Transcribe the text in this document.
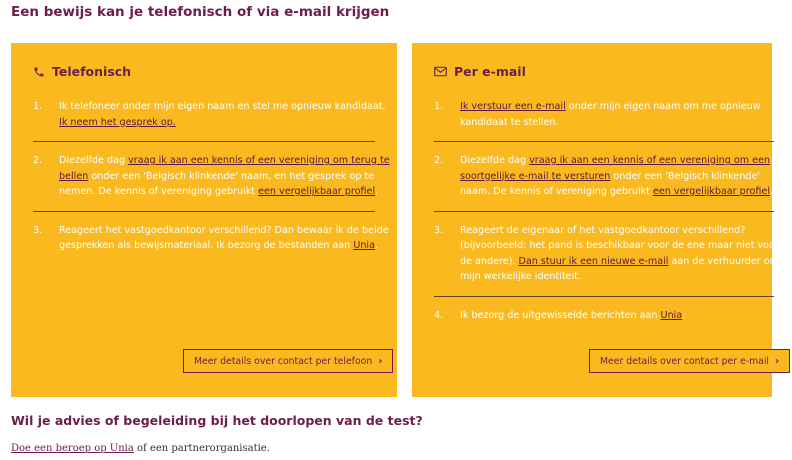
Een bewijs kan je telefonisch of via e-mail krijgen
Telefonisch
1. Ik telefoneer onder mijn eigen naam en stel me opnieuw kandidaat.
Ik neem het gesprek op.
2. Diezelfde dag vraag ik aan een kennis of een vereniging om terug te
bellen onder een 'Belgisch klinkende' naam, en het gesprek op te
nemen. De kennis of vereniging gebruikt een vergelijkbaar profiel.
3. Reageert het vastgoedkantoor verschillend? Dan bewaar ik de beide
gesprekken als bewijsmateriaal. Ik bezorg de bestanden aan Unia.
Meer details over contact per telefoon ›
Per e-mail
1. Ik verstuur een e-mail onder mijn eigen naam om me opnieuw
kandidaat te stellen.
2. Diezelfde dag vraag ik aan een kennis of een vereniging om een
soortgelijke e-mail te versturen onder een 'Belgisch klinkende'
naam. De kennis of vereniging gebruikt een vergelijkbaar profiel.
3. Reageert de eigenaar of het vastgoedkantoor verschillend?
(bijvoorbeeld: het pand is beschikbaar voor de ene maar niet voor
de andere). Dan stuur ik een nieuwe e-mail aan de verhuurder onder
mijn werkelijke identiteit.
4. Ik bezorg de uitgewisselde berichten aan Unia.
Meer details over contact per e-mail ›
Wil je advies of begeleiding bij het doorlopen van de test?

Doe een beroep op Unia of een partnerorganisatie.
